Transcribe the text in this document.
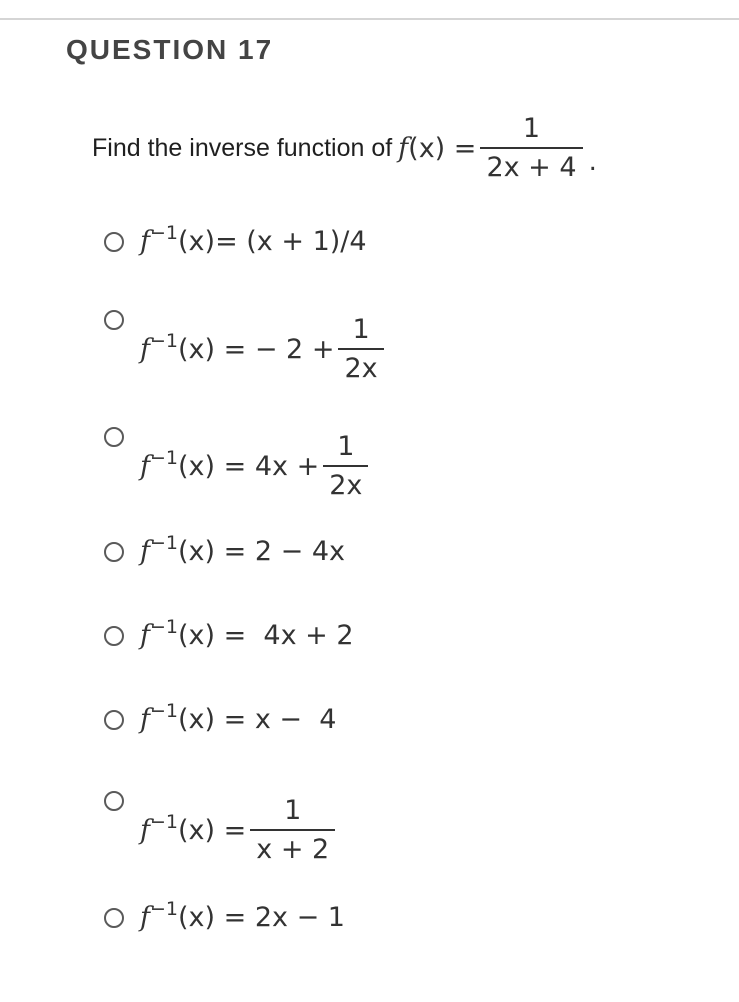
QUESTION 17
Find the inverse function of $f(x) = \frac{1}{2x + 4}$ .
$f^{-1}(x) = (x + 1)/4$
$f^{-1}(x)$ = − $2 + \frac{1}{2x}$
$f^{-1}(x) = 4x + \frac{1}{2x}$
$f^{-1}(x) = 2 - 4x$
$f^{-1}(x) = 4x + 2$
$f^{-1}(x) = x - 4$
$f^{-1}(x) = \frac{1}{x + 2}$
$f^{-1}(x) = 2x - 1$
